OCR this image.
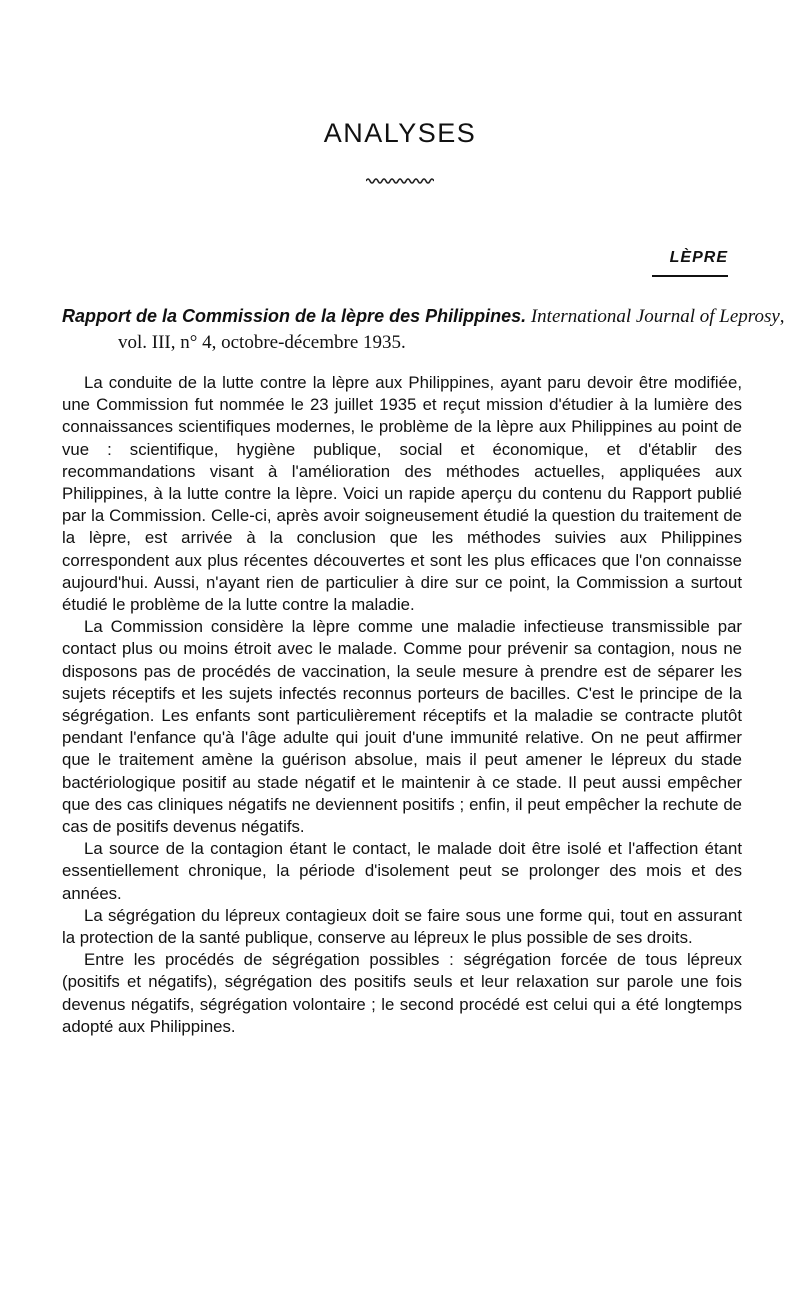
ANALYSES
LÈPRE
Rapport de la Commission de la lèpre des Philippines. International Journal of Leprosy, vol. III, n° 4, octobre-décembre 1935.

La conduite de la lutte contre la lèpre aux Philippines, ayant paru devoir être modifiée, une Commission fut nommée le 23 juillet 1935 et reçut mission d'étudier à la lumière des connaissances scientifiques modernes, le problème de la lèpre aux Philippines au point de vue : scientifique, hygiène publique, social et économique, et d'établir des recommandations visant à l'amélioration des méthodes actuelles, appliquées aux Philippines, à la lutte contre la lèpre. Voici un rapide aperçu du contenu du Rapport publié par la Commission. Celle-ci, après avoir soigneusement étudié la question du traitement de la lèpre, est arrivée à la conclusion que les méthodes suivies aux Philippines correspondent aux plus récentes découvertes et sont les plus efficaces que l'on connaisse aujourd'hui. Aussi, n'ayant rien de particulier à dire sur ce point, la Commission a surtout étudié le problème de la lutte contre la maladie.

La Commission considère la lèpre comme une maladie infectieuse transmissible par contact plus ou moins étroit avec le malade. Comme pour prévenir sa contagion, nous ne disposons pas de procédés de vaccination, la seule mesure à prendre est de séparer les sujets réceptifs et les sujets infectés reconnus porteurs de bacilles. C'est le principe de la ségrégation. Les enfants sont particulièrement réceptifs et la maladie se contracte plutôt pendant l'enfance qu'à l'âge adulte qui jouit d'une immunité relative. On ne peut affirmer que le traitement amène la guérison absolue, mais il peut amener le lépreux du stade bactériologique positif au stade négatif et le maintenir à ce stade. Il peut aussi empêcher que des cas cliniques négatifs ne deviennent positifs ; enfin, il peut empêcher la rechute de cas de positifs devenus négatifs.

La source de la contagion étant le contact, le malade doit être isolé et l'affection étant essentiellement chronique, la période d'isolement peut se prolonger des mois et des années.

La ségrégation du lépreux contagieux doit se faire sous une forme qui, tout en assurant la protection de la santé publique, conserve au lépreux le plus possible de ses droits.

Entre les procédés de ségrégation possibles : ségrégation forcée de tous lépreux (positifs et négatifs), ségrégation des positifs seuls et leur relaxation sur parole une fois devenus négatifs, ségrégation volontaire ; le second procédé est celui qui a été longtemps adopté aux Philippines.
